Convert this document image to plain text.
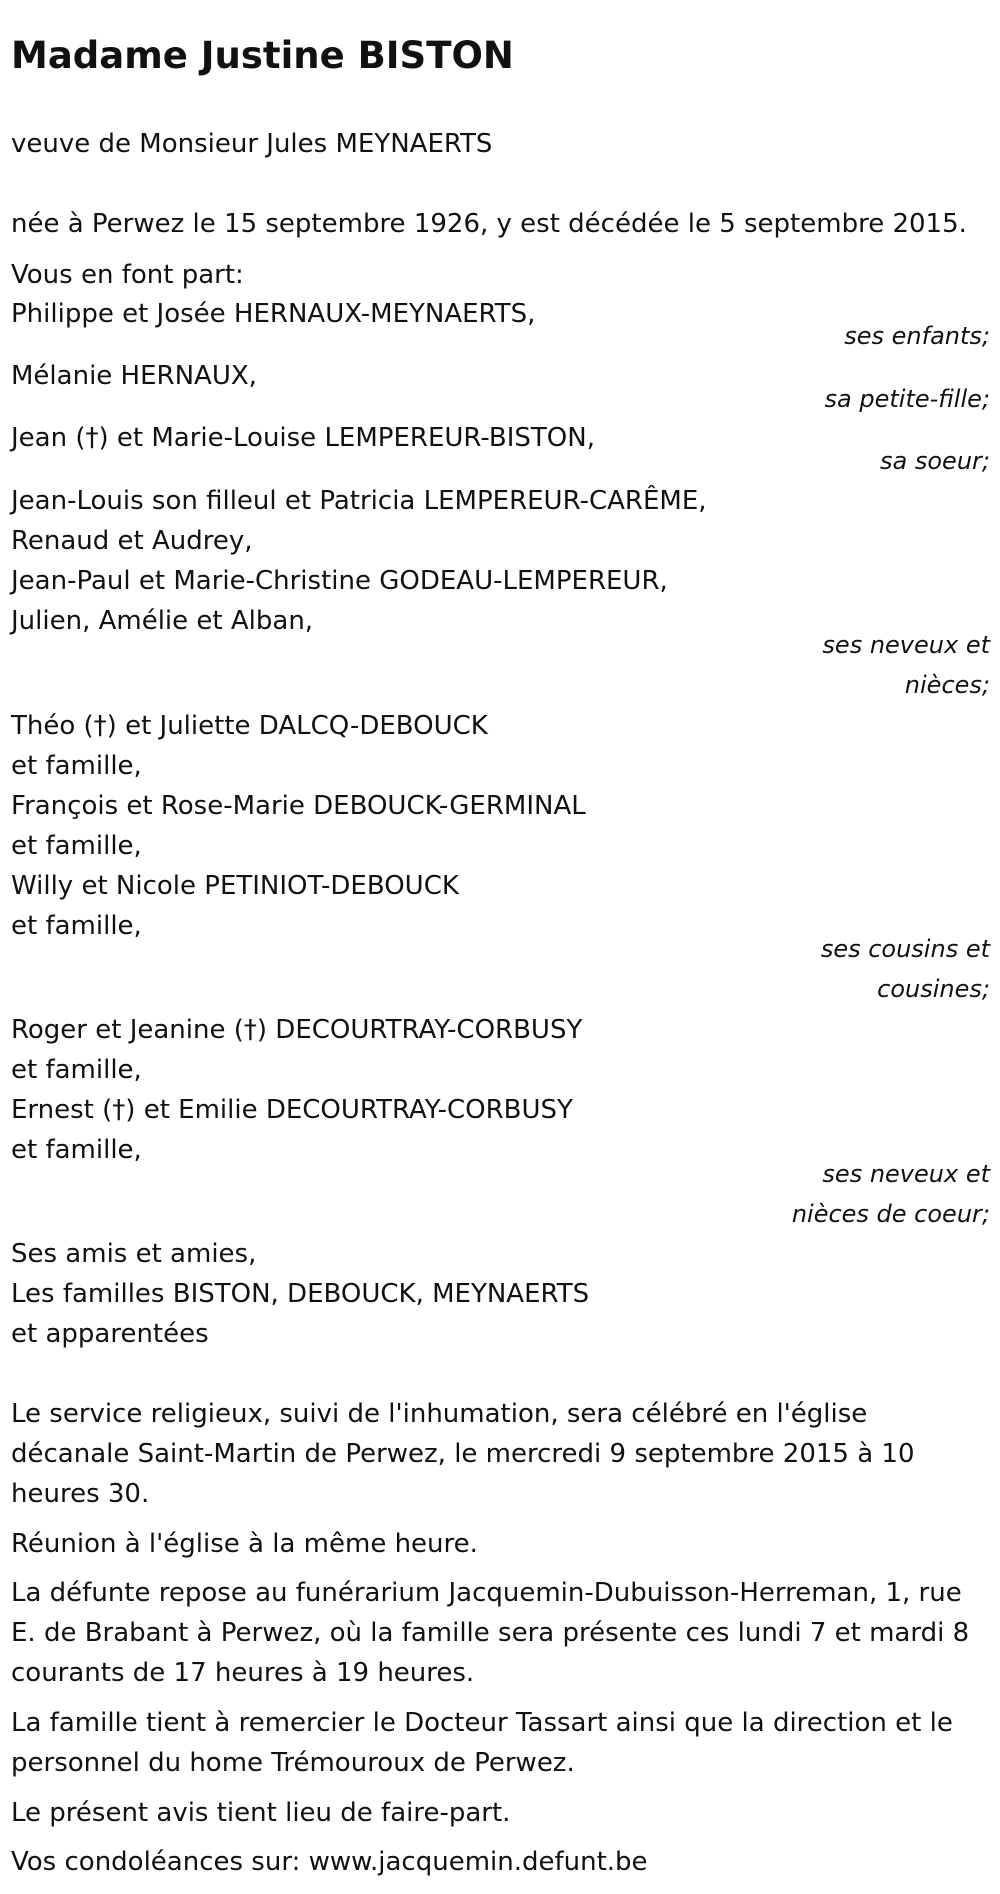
Madame Justine BISTON
veuve de Monsieur Jules MEYNAERTS
née à Perwez le 15 septembre 1926, y est décédée le 5 septembre 2015.
Vous en font part:
Philippe et Josée HERNAUX-MEYNAERTS,
ses enfants;
Mélanie HERNAUX,
sa petite-fille;
Jean (†) et Marie-Louise LEMPEREUR-BISTON,
sa soeur;
Jean-Louis son filleul et Patricia LEMPEREUR-CARÊME,
Renaud et Audrey,
Jean-Paul et Marie-Christine GODEAU-LEMPEREUR,
Julien, Amélie et Alban,
ses neveux et
nièces;
Théo (†) et Juliette DALCQ-DEBOUCK
et famille,
François et Rose-Marie DEBOUCK-GERMINAL
et famille,
Willy et Nicole PETINIOT-DEBOUCK
et famille,
ses cousins et
cousines;
Roger et Jeanine (†) DECOURTRAY-CORBUSY
et famille,
Ernest (†) et Emilie DECOURTRAY-CORBUSY
et famille,
ses neveux et
nièces de coeur;
Ses amis et amies,
Les familles BISTON, DEBOUCK, MEYNAERTS
et apparentées
Le service religieux, suivi de l'inhumation, sera célébré en l'église décanale Saint-Martin de Perwez, le mercredi 9 septembre 2015 à 10 heures 30.
Réunion à l'église à la même heure.
La défunte repose au funérarium Jacquemin-Dubuisson-Herreman, 1, rue E. de Brabant à Perwez, où la famille sera présente ces lundi 7 et mardi 8 courants de 17 heures à 19 heures.
La famille tient à remercier le Docteur Tassart ainsi que la direction et le personnel du home Trémouroux de Perwez.
Le présent avis tient lieu de faire-part.
Vos condoléances sur: www.jacquemin.defunt.be
